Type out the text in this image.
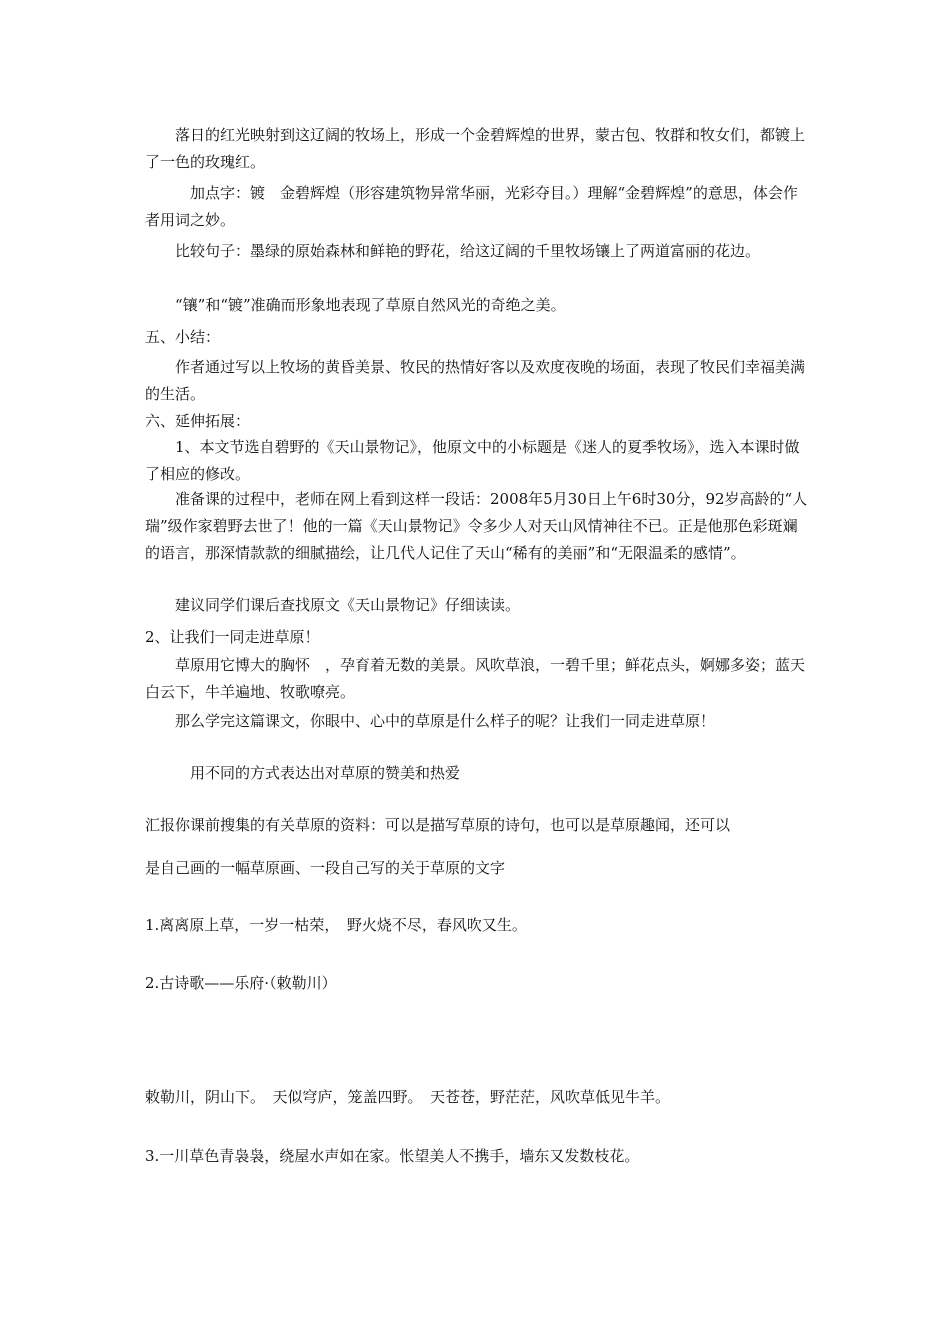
落日的红光映射到这辽阔的牧场上，形成一个金碧辉煌的世界，蒙古包、牧群和牧女们，都镀上了一色的玫瑰红。

加点字：镀　金碧辉煌（形容建筑物异常华丽，光彩夺目。）理解“金碧辉煌”的意思，体会作者用词之妙。

比较句子：墨绿的原始森林和鲜艳的野花，给这辽阔的千里牧场镶上了两道富丽的花边。

“镶”和“镀”准确而形象地表现了草原自然风光的奇绝之美。

五、小结：

作者通过写以上牧场的黄昏美景、牧民的热情好客以及欢度夜晚的场面，表现了牧民们幸福美满的生活。

六、延伸拓展：

1、本文节选自碧野的《天山景物记》，他原文中的小标题是《迷人的夏季牧场》，选入本课时做了相应的修改。

准备课的过程中，老师在网上看到这样一段话：2008年5月30日上午6时30分，92岁高龄的“人瑞”级作家碧野去世了！他的一篇《天山景物记》令多少人对天山风情神往不已。正是他那色彩斑斓的语言，那深情款款的细腻描绘，让几代人记住了天山“稀有的美丽”和“无限温柔的感情”。

建议同学们课后查找原文《天山景物记》仔细读读。

2、让我们一同走进草原！

草原用它博大的胸怀　，孕育着无数的美景。风吹草浪，一碧千里；鲜花点头，婀娜多姿；蓝天白云下，牛羊遍地、牧歌嘹亮。

那么学完这篇课文，你眼中、心中的草原是什么样子的呢？让我们一同走进草原！

用不同的方式表达出对草原的赞美和热爱

汇报你课前搜集的有关草原的资料：可以是描写草原的诗句，也可以是草原趣闻，还可以

是自己画的一幅草原画、一段自己写的关于草原的文字

1.离离原上草，一岁一枯荣，　野火烧不尽，春风吹又生。

2.古诗歌——乐府·（敕勒川）

敕勒川，阴山下。　天似穹庐，笼盖四野。　天苍苍，野茫茫，风吹草低见牛羊。

3.一川草色青袅袅，绕屋水声如在家。怅望美人不携手，墙东又发数枝花。
